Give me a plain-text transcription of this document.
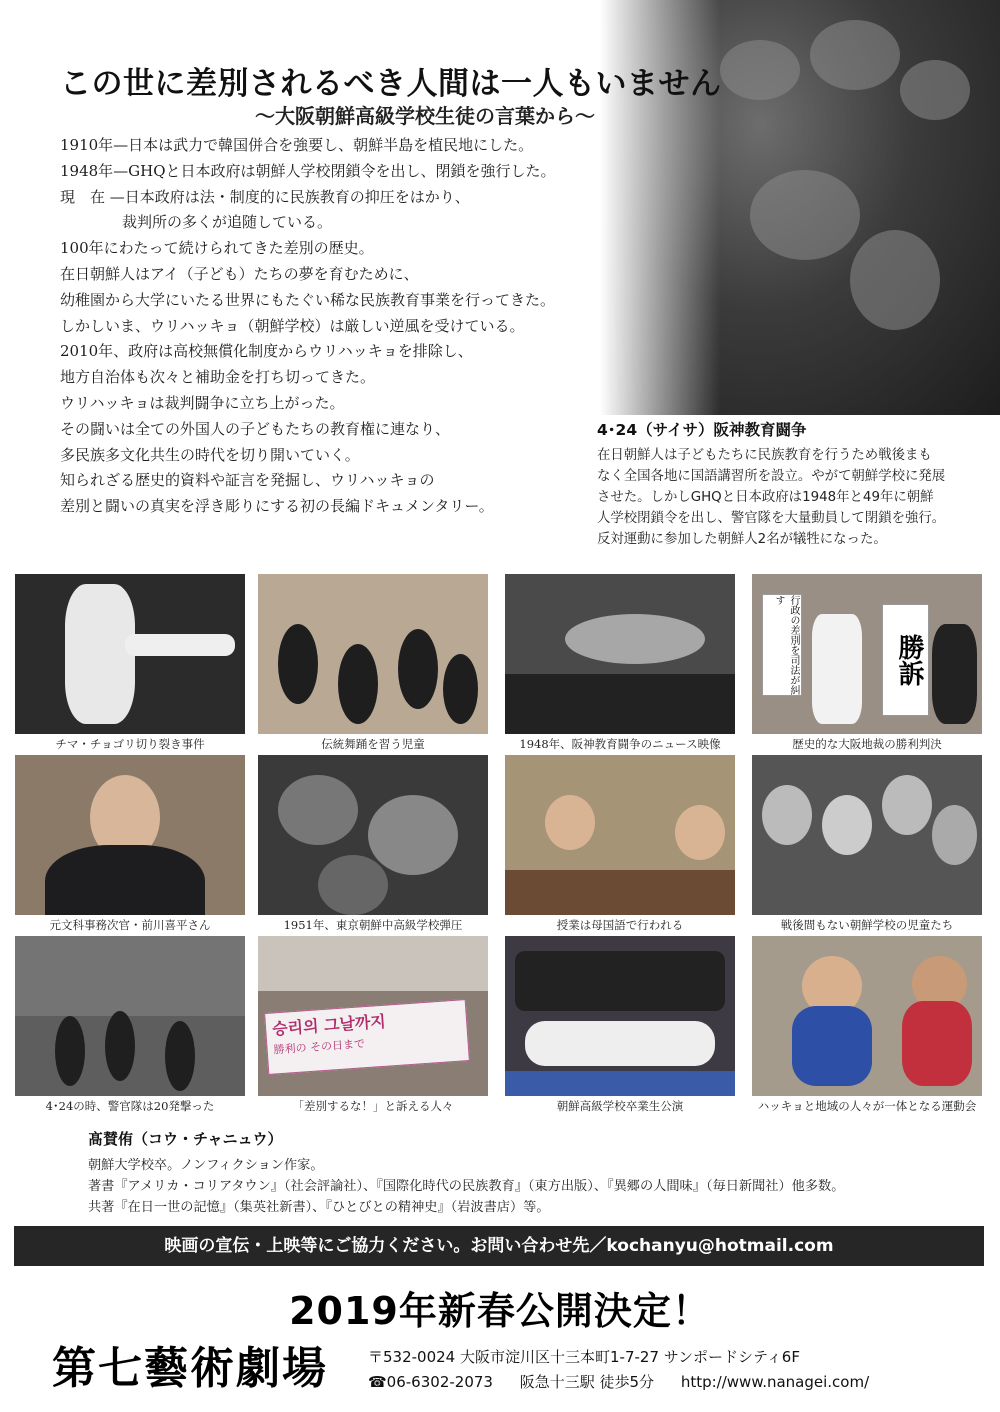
この世に差別されるべき人間は一人もいません
〜大阪朝鮮高級学校生徒の言葉から〜

1910年—日本は武力で韓国併合を強要し、朝鮮半島を植民地にした。

1948年—GHQと日本政府は朝鮮人学校閉鎖令を出し、閉鎖を強行した。

現　在 —日本政府は法・制度的に民族教育の抑圧をはかり、

裁判所の多くが追随している。

100年にわたって続けられてきた差別の歴史。

在日朝鮮人はアイ（子ども）たちの夢を育むために、

幼稚園から大学にいたる世界にもたぐい稀な民族教育事業を行ってきた。

しかしいま、ウリハッキョ（朝鮮学校）は厳しい逆風を受けている。

2010年、政府は高校無償化制度からウリハッキョを排除し、

地方自治体も次々と補助金を打ち切ってきた。

ウリハッキョは裁判闘争に立ち上がった。

その闘いは全ての外国人の子どもたちの教育権に連なり、

多民族多文化共生の時代を切り開いていく。

知られざる歴史的資料や証言を発掘し、ウリハッキョの

差別と闘いの真実を浮き彫りにする初の長編ドキュメンタリー。

4･24（サイサ）阪神教育闘争

在日朝鮮人は子どもたちに民族教育を行うため戦後まも

なく全国各地に国語講習所を設立。やがて朝鮮学校に発展

させた。しかしGHQと日本政府は1948年と49年に朝鮮

人学校閉鎖令を出し、警官隊を大量動員して閉鎖を強行。

反対運動に参加した朝鮮人2名が犠牲になった。

チマ・チョゴリ切り裂き事件	伝統舞踊を習う児童	1948年、阪神教育闘争のニュース映像
行政の差別を司法が糾す
勝訴
歴史的な大阪地裁の勝利判決
元文科事務次官・前川喜平さん	1951年、東京朝鮮中高級学校弾圧	授業は母国語で行われる	戦後間もない朝鮮学校の児童たち
4･24の時、警官隊は20発撃った
승리의 그날까지
勝利の その日まで
「差別するな！」と訴える人々	朝鮮高級学校卒業生公演	ハッキョと地域の人々が一体となる運動会
髙賛侑（コウ・チャニュウ）

朝鮮大学校卒。ノンフィクション作家。

著書『アメリカ・コリアタウン』（社会評論社）、『国際化時代の民族教育』（東方出版）、『異郷の人間味』（毎日新聞社）他多数。

共著『在日一世の記憶』（集英社新書）、『ひとびとの精神史』（岩波書店）等。

映画の宣伝・上映等にご協力ください。お問い合わせ先／kochanyu@hotmail.com
2019年新春公開決定！
第七藝術劇場	〒532-0024 大阪市淀川区十三本町1-7-27 サンポードシティ6F
☎06-6302-2073 阪急十三駅 徒歩5分 http://www.nanagei.com/
